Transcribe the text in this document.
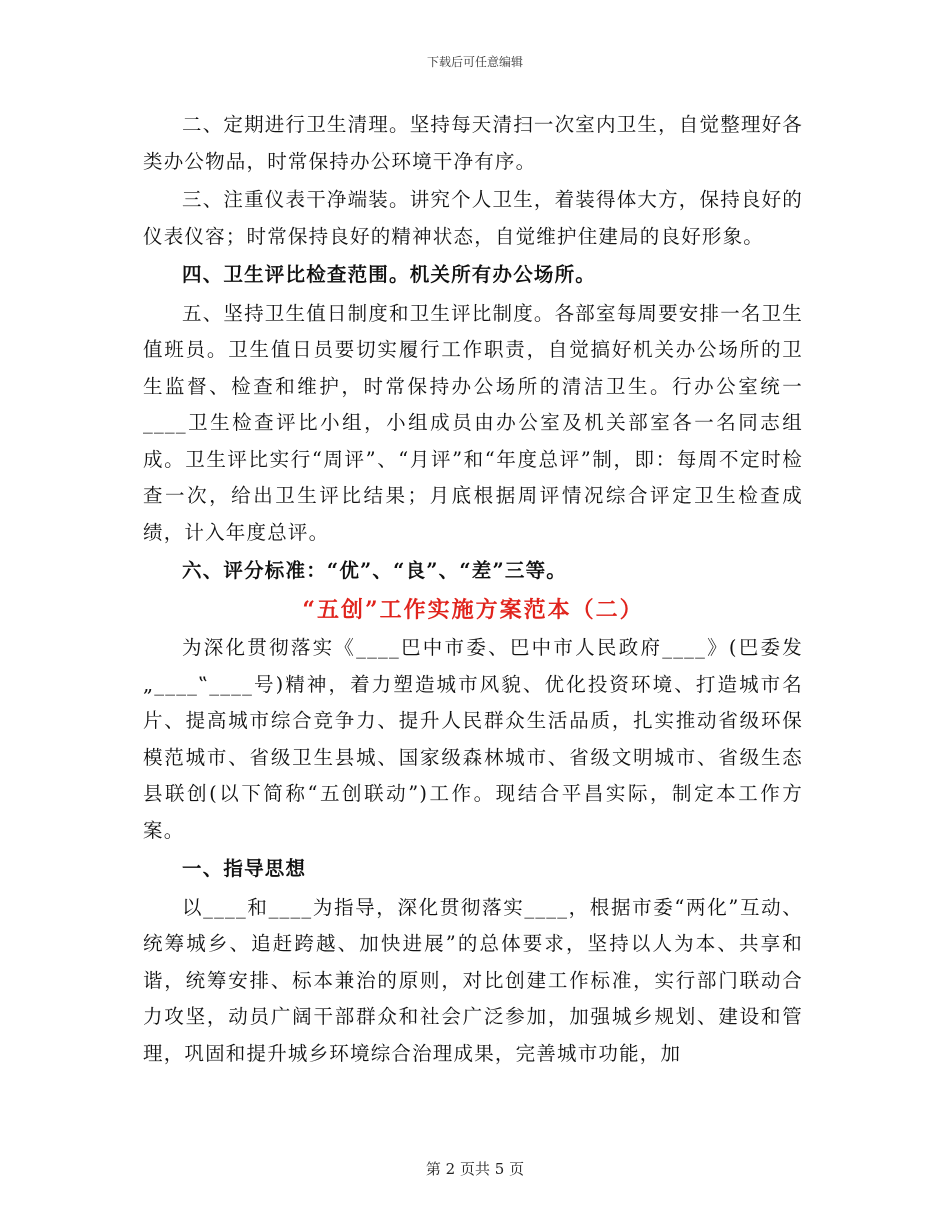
下载后可任意编辑

二、定期进行卫生清理。坚持每天清扫一次室内卫生，自觉整理好各类办公物品，时常保持办公环境干净有序。

三、注重仪表干净端装。讲究个人卫生，着装得体大方，保持良好的仪表仪容；时常保持良好的精神状态，自觉维护住建局的良好形象。

四、卫生评比检查范围。机关所有办公场所。

五、坚持卫生值日制度和卫生评比制度。各部室每周要安排一名卫生值班员。卫生值日员要切实履行工作职责，自觉搞好机关办公场所的卫生监督、检查和维护，时常保持办公场所的清洁卫生。行办公室统一____卫生检查评比小组，小组成员由办公室及机关部室各一名同志组成。卫生评比实行“周评”、“月评”和“年度总评”制，即：每周不定时检查一次，给出卫生评比结果；月底根据周评情况综合评定卫生检查成绩，计入年度总评。

六、评分标准：“优”、“良”、“差”三等。

“五创”工作实施方案范本（二）

为深化贯彻落实《____巴中市委、巴中市人民政府____》(巴委发„____‟____号)精神，着力塑造城市风貌、优化投资环境、打造城市名片、提高城市综合竞争力、提升人民群众生活品质，扎实推动省级环保模范城市、省级卫生县城、国家级森林城市、省级文明城市、省级生态县联创(以下简称“五创联动”)工作。现结合平昌实际，制定本工作方案。

一、指导思想

以____和____为指导，深化贯彻落实____，根据市委“两化”互动、统筹城乡、追赶跨越、加快进展”的总体要求，坚持以人为本、共享和谐，统筹安排、标本兼治的原则，对比创建工作标准，实行部门联动合力攻坚，动员广阔干部群众和社会广泛参加，加强城乡规划、建设和管理，巩固和提升城乡环境综合治理成果，完善城市功能，加

第 2 页共 5 页
